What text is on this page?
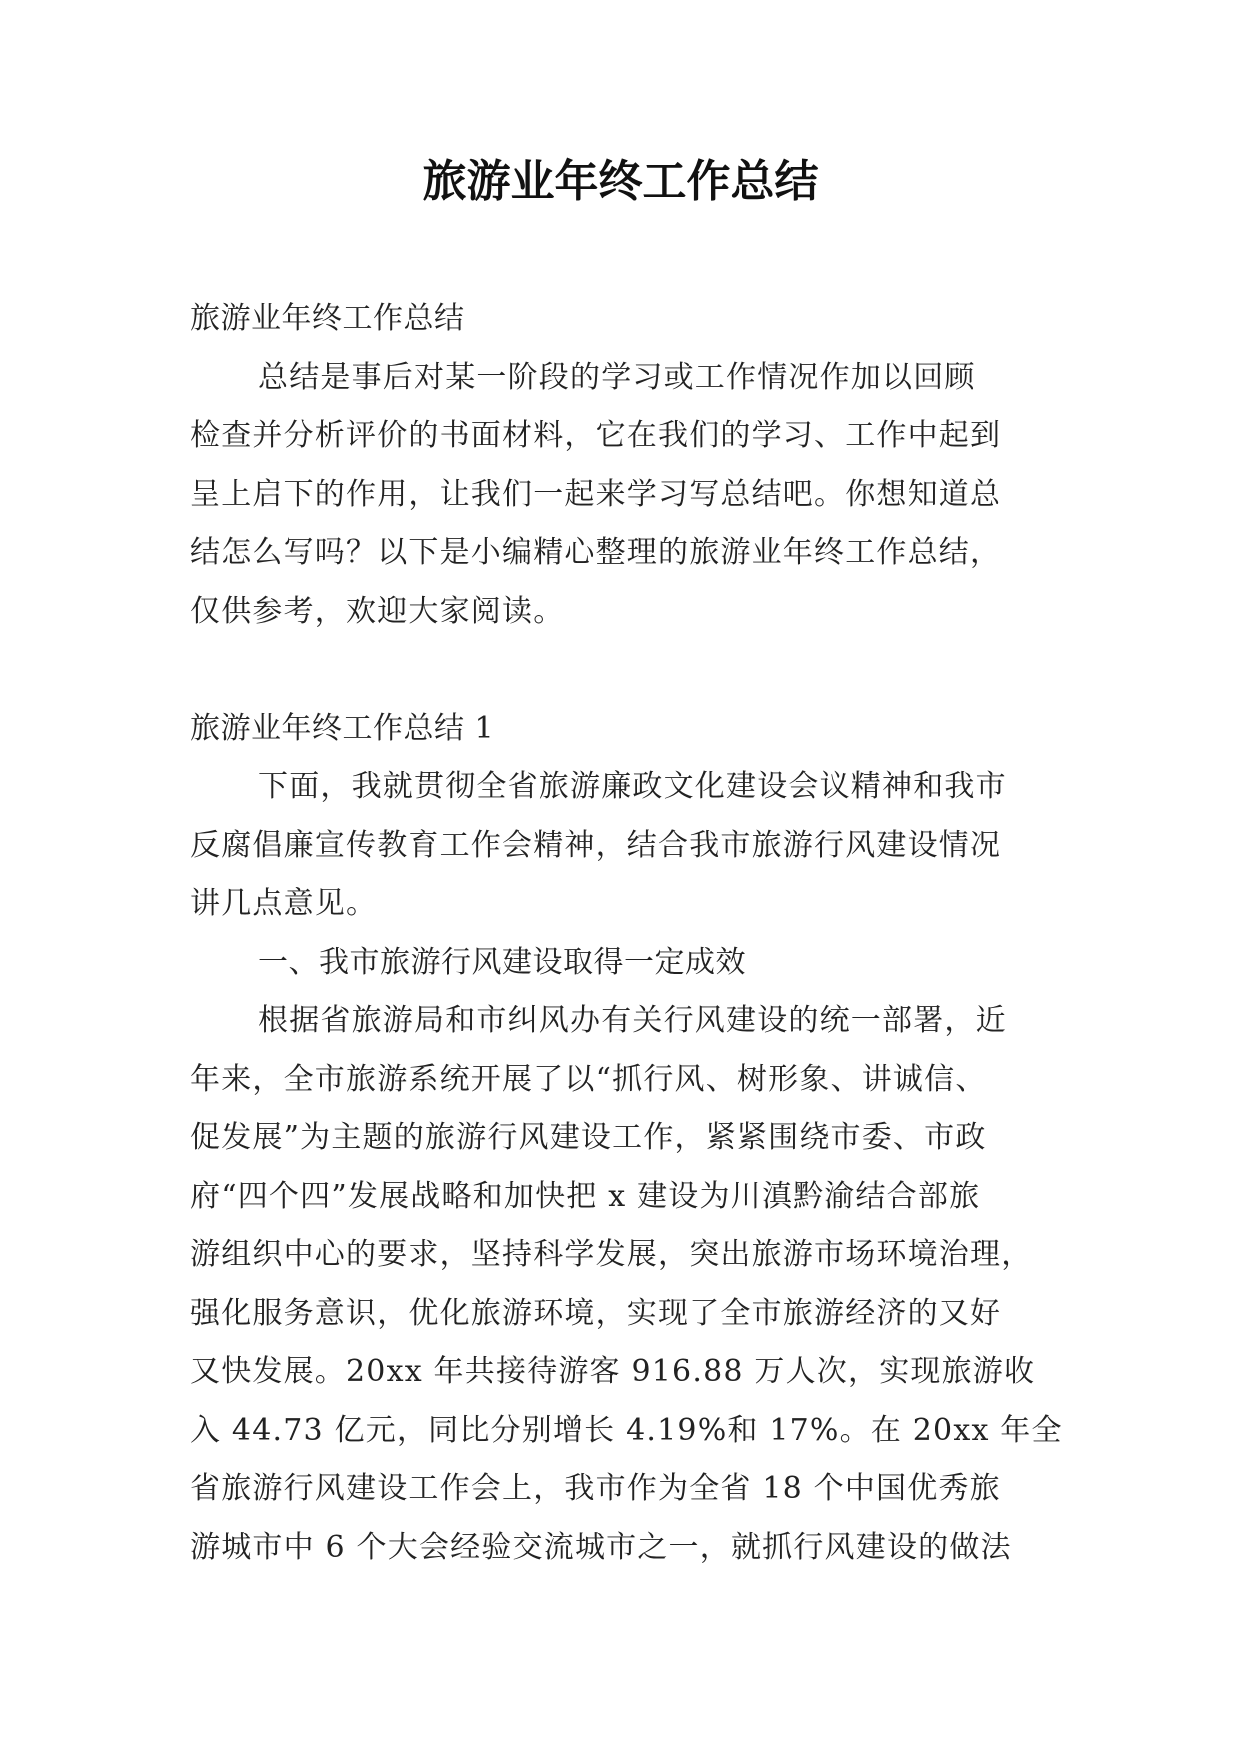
旅游业年终工作总结

旅游业年终工作总结

总结是事后对某一阶段的学习或工作情况作加以回顾

检查并分析评价的书面材料，它在我们的学习、工作中起到

呈上启下的作用，让我们一起来学习写总结吧。你想知道总

结怎么写吗？以下是小编精心整理的旅游业年终工作总结，

仅供参考，欢迎大家阅读。

旅游业年终工作总结 1

下面，我就贯彻全省旅游廉政文化建设会议精神和我市

反腐倡廉宣传教育工作会精神，结合我市旅游行风建设情况

讲几点意见。

一、我市旅游行风建设取得一定成效

根据省旅游局和市纠风办有关行风建设的统一部署，近

年来，全市旅游系统开展了以“抓行风、树形象、讲诚信、

促发展”为主题的旅游行风建设工作，紧紧围绕市委、市政

府“四个四”发展战略和加快把 x 建设为川滇黔渝结合部旅

游组织中心的要求，坚持科学发展，突出旅游市场环境治理，

强化服务意识，优化旅游环境，实现了全市旅游经济的又好

又快发展。20xx 年共接待游客 916.88 万人次，实现旅游收

入 44.73 亿元，同比分别增长 4.19%和 17%。在 20xx 年全

省旅游行风建设工作会上，我市作为全省 18 个中国优秀旅

游城市中 6 个大会经验交流城市之一，就抓行风建设的做法
